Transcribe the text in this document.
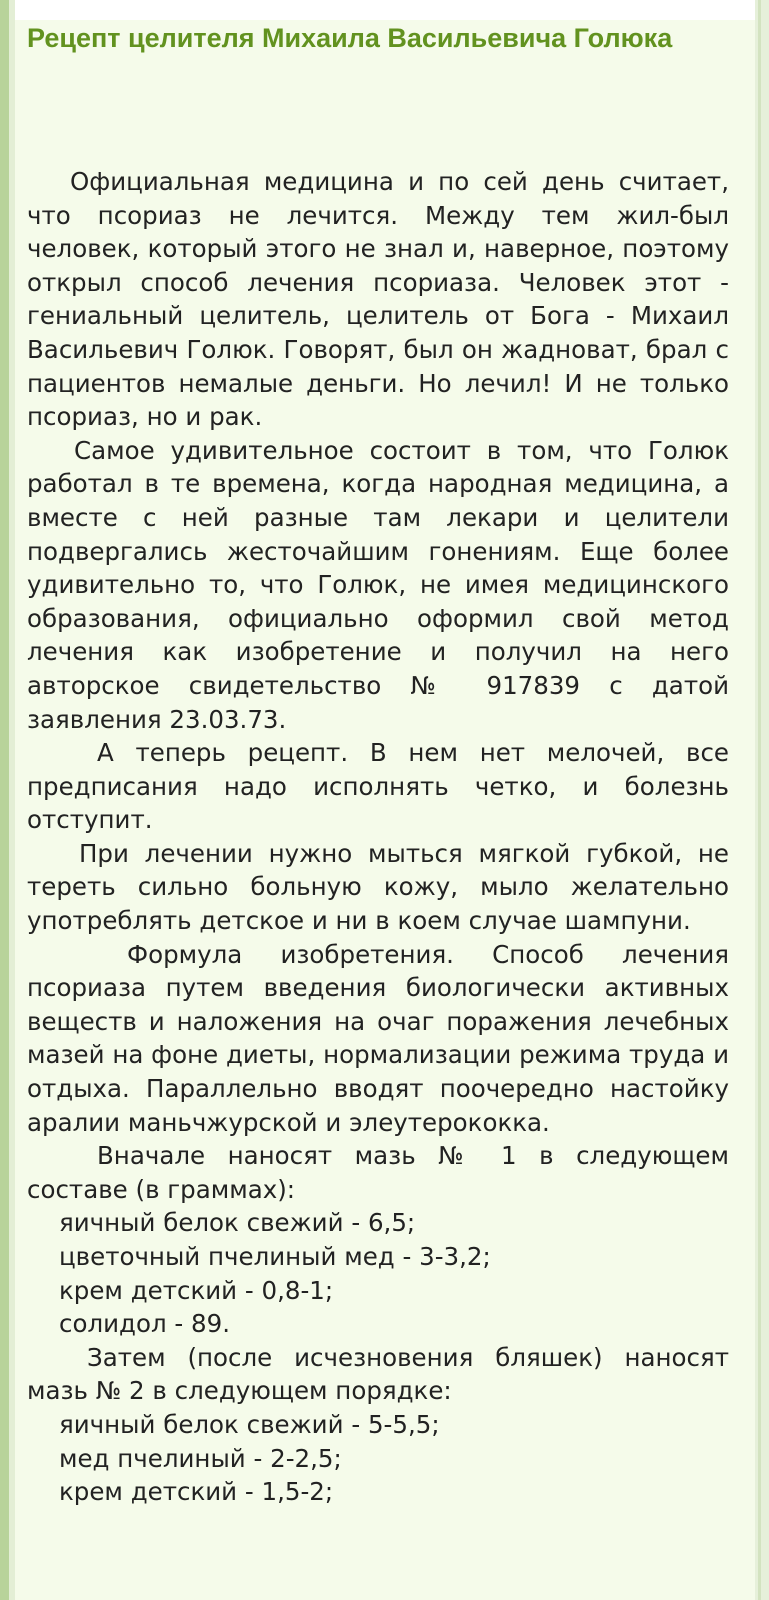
Рецепт целителя Михаила Васильевича Голюка

Официальная медицина и по сей день считает, что псориаз не лечится. Между тем жил-был человек, который этого не знал и, наверное, поэтому открыл способ лечения псориаза. Человек этот - гениальный целитель, целитель от Бога - Михаил Васильевич Голюк. Говорят, был он жадноват, брал с пациентов немалые деньги. Но лечил! И не только псориаз, но и рак.

Самое удивительное состоит в том, что Голюк работал в те времена, когда народная медицина, а вместе с ней разные там лекари и целители подвергались жесточайшим гонениям. Еще более удивительно то, что Голюк, не имея медицинского образования, официально оформил свой метод лечения как изобретение и получил на него авторское свидетельство № 917839 с датой заявления 23.03.73.

А теперь рецепт. В нем нет мелочей, все предписания надо исполнять четко, и болезнь отступит.

При лечении нужно мыться мягкой губкой, не тереть сильно больную кожу, мыло желательно употреблять детское и ни в коем случае шампуни.

Формула изобретения. Способ лечения псориаза путем введения биологически активных веществ и наложения на очаг поражения лечебных мазей на фоне диеты, нормализации режима труда и отдыха. Параллельно вводят поочередно настойку аралии маньчжурской и элеутерококка.

Вначале наносят мазь № 1 в следующем составе (в граммах):

яичный белок свежий - 6,5;
цветочный пчелиный мед - 3-3,2;
крем детский - 0,8-1;
солидол - 89.

Затем (после исчезновения бляшек) наносят мазь № 2 в следующем порядке:

яичный белок свежий - 5-5,5;
мед пчелиный - 2-2,5;
крем детский - 1,5-2;
